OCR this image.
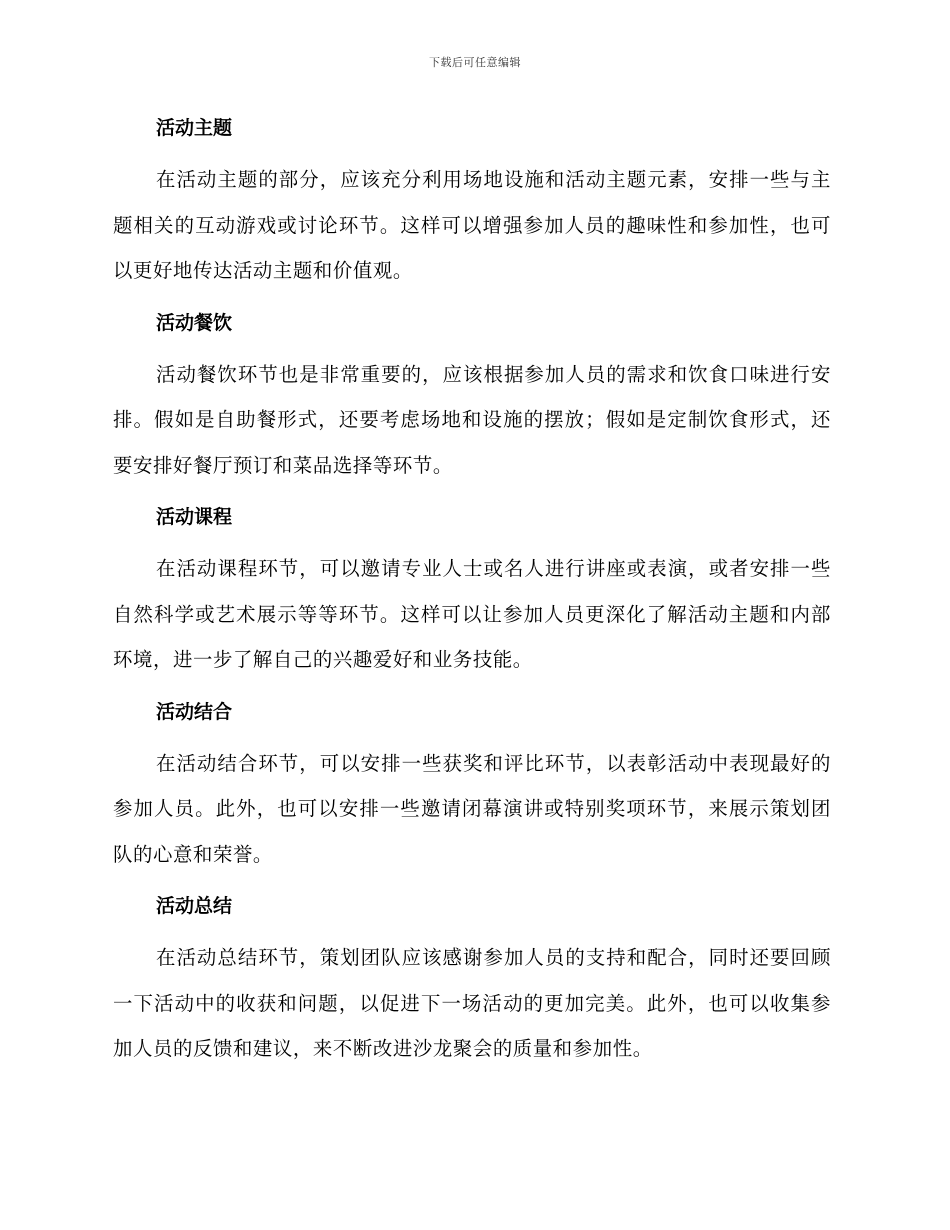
下载后可任意编辑
活动主题

在活动主题的部分，应该充分利用场地设施和活动主题元素，安排一些与主题相关的互动游戏或讨论环节。这样可以增强参加人员的趣味性和参加性，也可以更好地传达活动主题和价值观。

活动餐饮

活动餐饮环节也是非常重要的，应该根据参加人员的需求和饮食口味进行安排。假如是自助餐形式，还要考虑场地和设施的摆放；假如是定制饮食形式，还要安排好餐厅预订和菜品选择等环节。

活动课程

在活动课程环节，可以邀请专业人士或名人进行讲座或表演，或者安排一些自然科学或艺术展示等等环节。这样可以让参加人员更深化了解活动主题和内部环境，进一步了解自己的兴趣爱好和业务技能。

活动结合

在活动结合环节，可以安排一些获奖和评比环节，以表彰活动中表现最好的参加人员。此外，也可以安排一些邀请闭幕演讲或特别奖项环节，来展示策划团队的心意和荣誉。

活动总结

在活动总结环节，策划团队应该感谢参加人员的支持和配合，同时还要回顾一下活动中的收获和问题，以促进下一场活动的更加完美。此外，也可以收集参加人员的反馈和建议，来不断改进沙龙聚会的质量和参加性。
